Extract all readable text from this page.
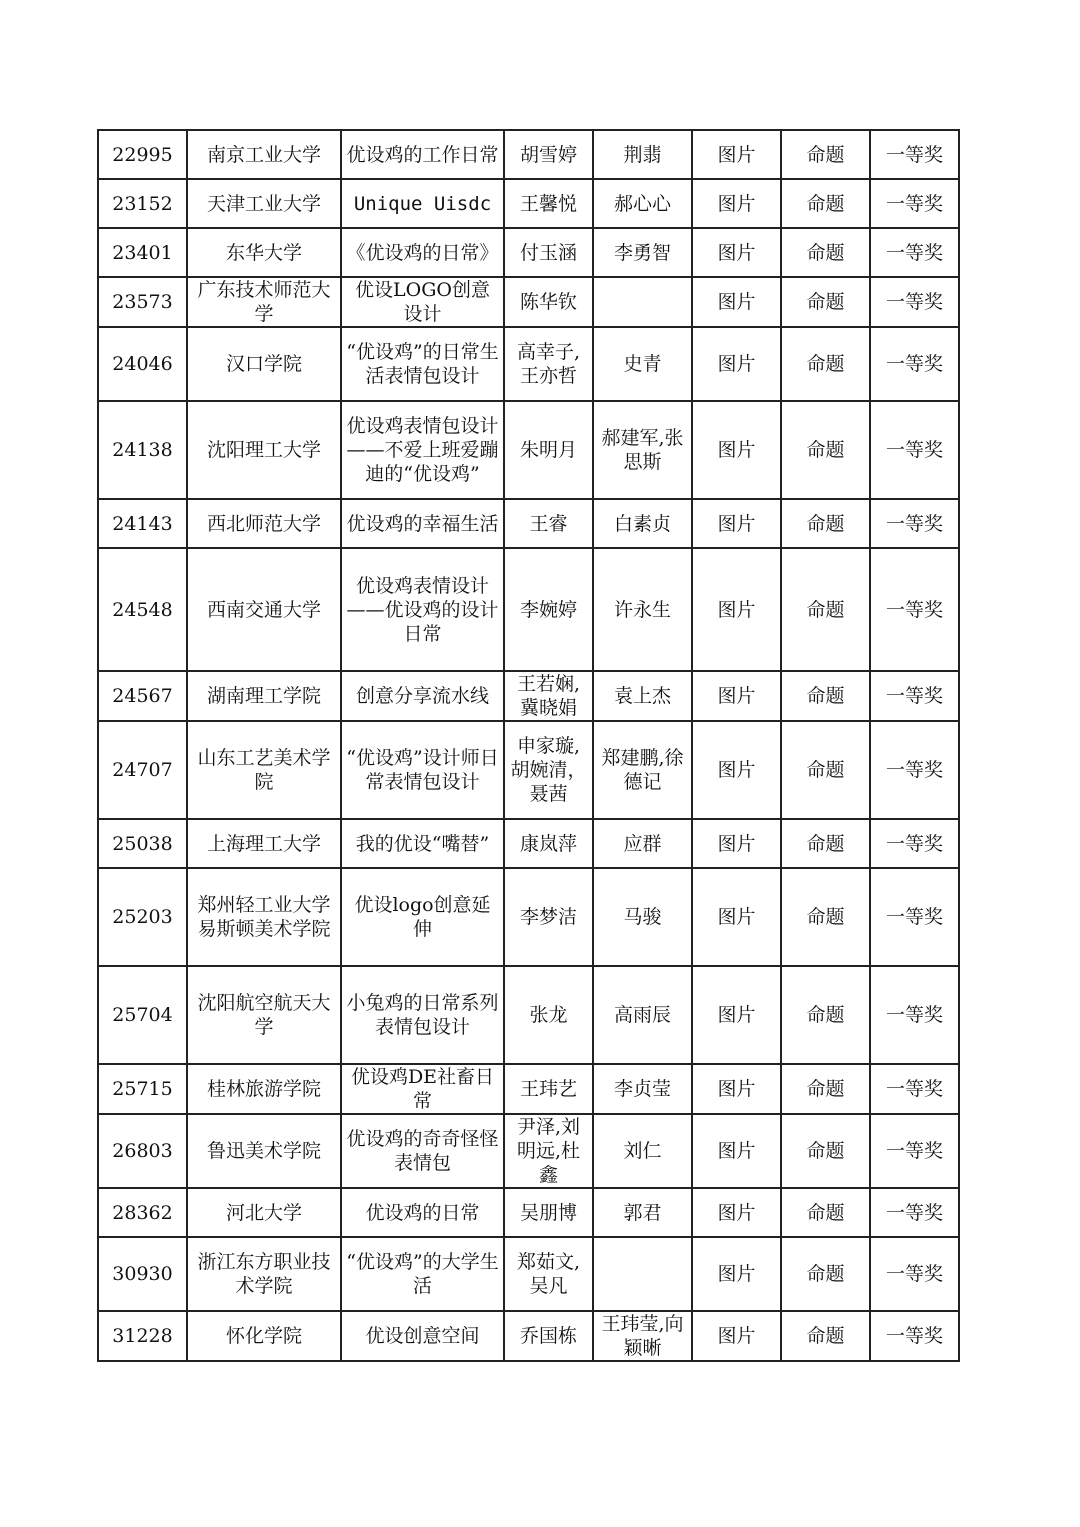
22995	南京工业大学	优设鸡的工作日常	胡雪婷	荆翡	图片	命题	一等奖
23152	天津工业大学	Unique Uisdc	王馨悦	郝心心	图片	命题	一等奖
23401	东华大学	《优设鸡的日常》	付玉涵	李勇智	图片	命题	一等奖
23573	广东技术师范大学	优设LOGO创意设计	陈华钦		图片	命题	一等奖
24046	汉口学院	“优设鸡”的日常生活表情包设计	高幸子,王亦哲	史青	图片	命题	一等奖
24138	沈阳理工大学	优设鸡表情包设计——不爱上班爱蹦迪的“优设鸡”	朱明月	郝建军,张思斯	图片	命题	一等奖
24143	西北师范大学	优设鸡的幸福生活	王睿	白素贞	图片	命题	一等奖
24548	西南交通大学	优设鸡表情设计——优设鸡的设计日常	李婉婷	许永生	图片	命题	一等奖
24567	湖南理工学院	创意分享流水线	王若娴,冀晓娟	袁上杰	图片	命题	一等奖
24707	山东工艺美术学院	“优设鸡”设计师日常表情包设计	申家璇,胡婉清，聂茜	郑建鹏,徐德记	图片	命题	一等奖
25038	上海理工大学	我的优设“嘴替”	康岚萍	应群	图片	命题	一等奖
25203	郑州轻工业大学易斯顿美术学院	优设logo创意延伸	李梦洁	马骏	图片	命题	一等奖
25704	沈阳航空航天大学	小兔鸡的日常系列表情包设计	张龙	高雨辰	图片	命题	一等奖
25715	桂林旅游学院	优设鸡DE社畜日常	王玮艺	李贞莹	图片	命题	一等奖
26803	鲁迅美术学院	优设鸡的奇奇怪怪表情包	尹泽,刘明远,杜鑫	刘仁	图片	命题	一等奖
28362	河北大学	优设鸡的日常	吴朋博	郭君	图片	命题	一等奖
30930	浙江东方职业技术学院	“优设鸡”的大学生活	郑茹文,吴凡		图片	命题	一等奖
31228	怀化学院	优设创意空间	乔国栋	王玮莹,向颖晰	图片	命题	一等奖
